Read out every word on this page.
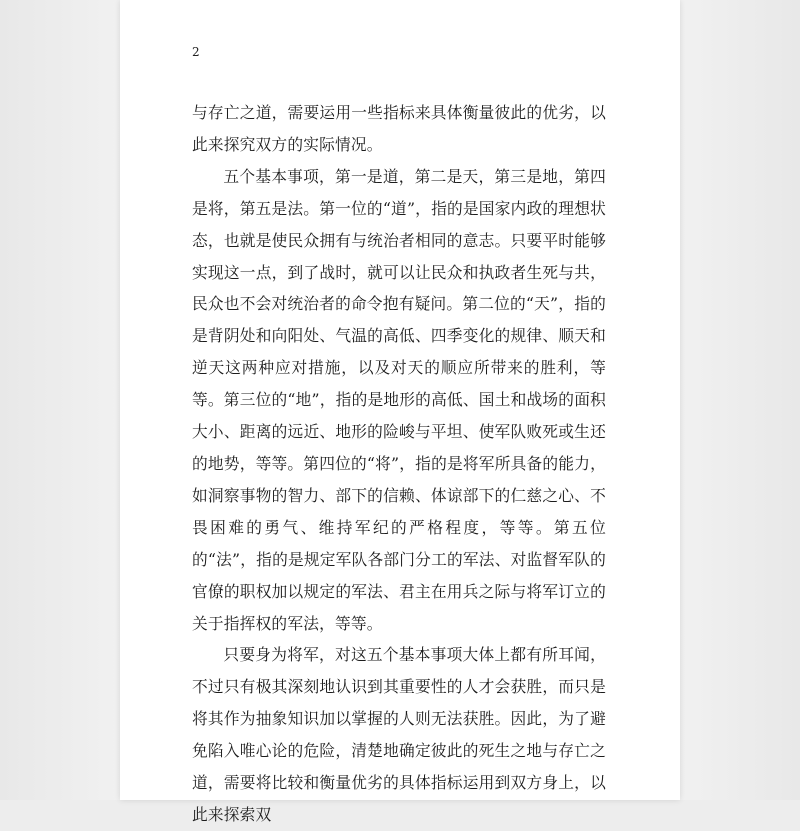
2

与存亡之道，需要运用一些指标来具体衡量彼此的优劣，以此来探究双方的实际情况。

五个基本事项，第一是道，第二是天，第三是地，第四是将，第五是法。第一位的“道”，指的是国家内政的理想状态，也就是使民众拥有与统治者相同的意志。只要平时能够实现这一点，到了战时，就可以让民众和执政者生死与共，民众也不会对统治者的命令抱有疑问。第二位的“天”，指的是背阴处和向阳处、气温的高低、四季变化的规律、顺天和逆天这两种应对措施，以及对天的顺应所带来的胜利，等等。第三位的“地”，指的是地形的高低、国土和战场的面积大小、距离的远近、地形的险峻与平坦、使军队败死或生还的地势，等等。第四位的“将”，指的是将军所具备的能力，如洞察事物的智力、部下的信赖、体谅部下的仁慈之心、不畏困难的勇气、维持军纪的严格程度，等等。第五位的“法”，指的是规定军队各部门分工的军法、对监督军队的官僚的职权加以规定的军法、君主在用兵之际与将军订立的关于指挥权的军法，等等。

只要身为将军，对这五个基本事项大体上都有所耳闻，不过只有极其深刻地认识到其重要性的人才会获胜，而只是将其作为抽象知识加以掌握的人则无法获胜。因此，为了避免陷入唯心论的危险，清楚地确定彼此的死生之地与存亡之道，需要将比较和衡量优劣的具体指标运用到双方身上，以此来探索双
